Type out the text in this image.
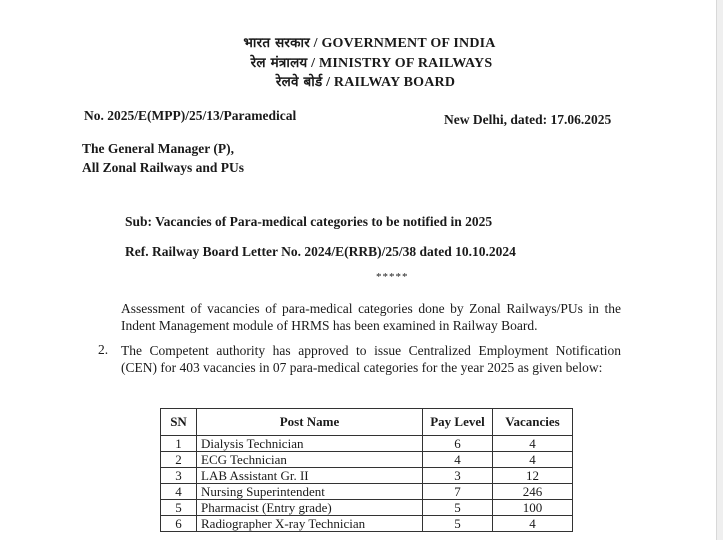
भारत सरकार / GOVERNMENT OF INDIA
रेल मंत्रालय / MINISTRY OF RAILWAYS
रेलवे बोर्ड / RAILWAY BOARD
No. 2025/E(MPP)/25/13/Paramedical	New Delhi, dated: 17.06.2025
The General Manager (P),
All Zonal Railways and PUs
Sub: Vacancies of Para-medical categories to be notified in 2025
Ref. Railway Board Letter No. 2024/E(RRB)/25/38 dated 10.10.2024
*****
Assessment of vacancies of para-medical categories done by Zonal Railways/PUs in the Indent Management module of HRMS has been examined in Railway Board.
2. The Competent authority has approved to issue Centralized Employment Notification (CEN) for 403 vacancies in 07 para-medical categories for the year 2025 as given below:
SN	Post Name	Pay Level	Vacancies
1	Dialysis Technician	6	4
2	ECG Technician	4	4
3	LAB Assistant Gr. II	3	12
4	Nursing Superintendent	7	246
5	Pharmacist (Entry grade)	5	100
6	Radiographer X-ray Technician	5	4
